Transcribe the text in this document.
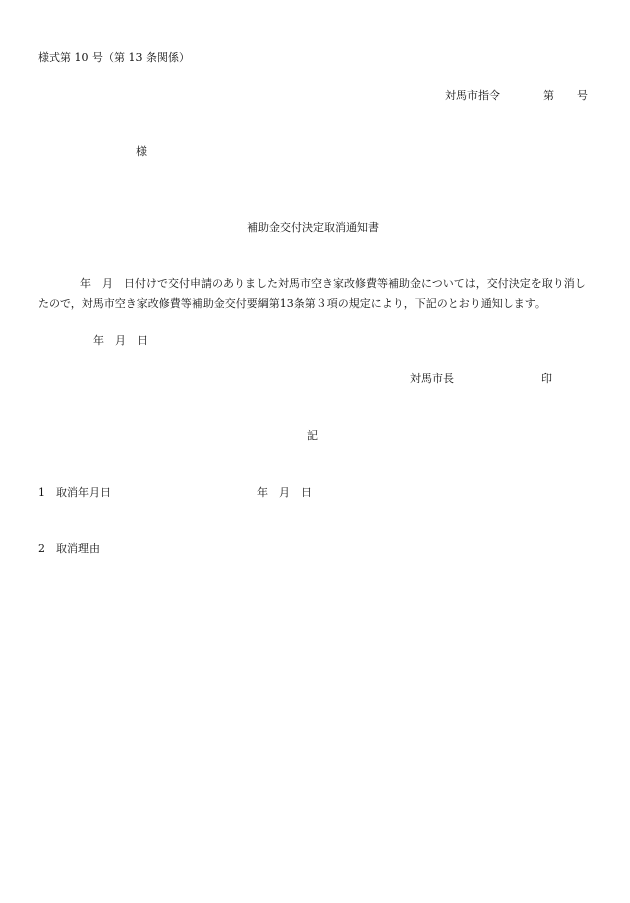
様式第 10 号（第 13 条関係）
対馬市指令	第 号
様
補助金交付決定取消通知書
年　月　日付けで交付申請のありました対馬市空き家改修費等補助金については，交付決定を取り消し
たので，対馬市空き家改修費等補助金交付要綱第13条第３項の規定により，下記のとおり通知します。
年　月　日
対馬市長	印
記
1　取消年月日	年　月　日
2　取消理由
